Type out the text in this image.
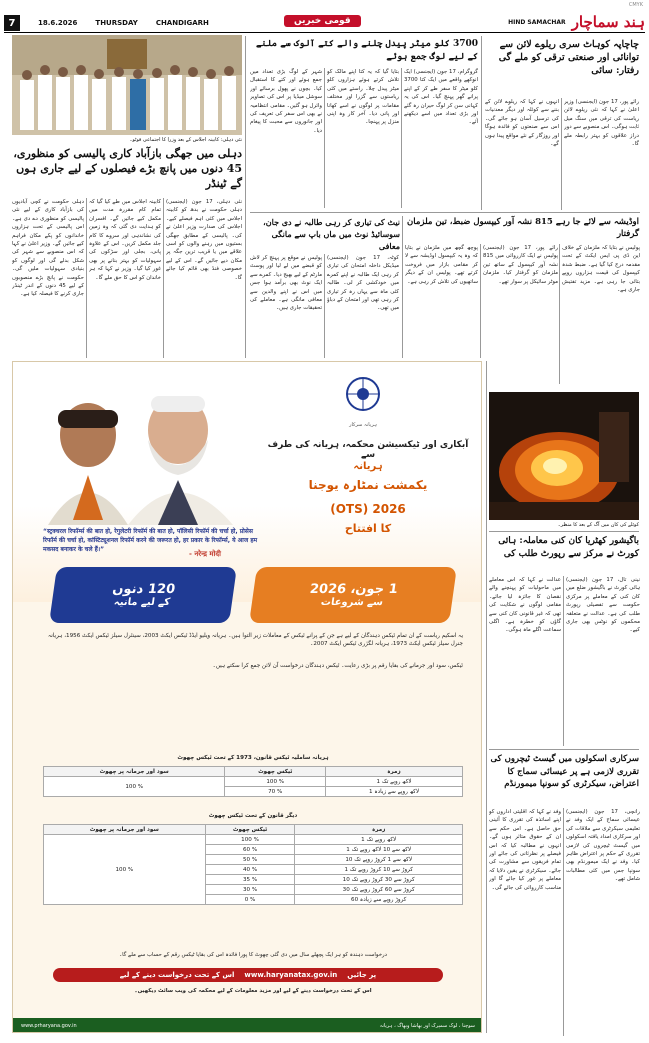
7	18.6.2026	THURSDAY	CHANDIGARH	قومی خبریں	HIND SAMACHAR ہند سماچار
CMYK
نئی دہلی: کابینہ اجلاس کے بعد وزرا کا اجتماعی فوٹو۔
دہلی میں جھگی بازآباد کاری پالیسی کو منظوری، 45 دنوں میں پانچ بڑے فیصلوں کے لیے جاری ہوں گے ٹینڈر
دہلی حکومت نے کچی آبادیوں کی بازآباد کاری کے لیے نئی پالیسی کو منظوری دے دی ہے۔ اس پالیسی کے تحت ہزاروں خاندانوں کو پکے مکان فراہم کیے جائیں گے۔ وزیر اعلیٰ نے کہا کہ اس منصوبے سے شہر کی شکل بدلے گی اور لوگوں کو بنیادی سہولیات ملیں گی۔ حکومت نے پانچ بڑے منصوبوں کے لیے 45 دنوں کے اندر ٹینڈر جاری کرنے کا فیصلہ کیا ہے۔
کابینہ اجلاس میں طے کیا گیا کہ تمام کام مقررہ مدت میں مکمل کیے جائیں گے۔ افسران کو ہدایت دی گئی کہ وہ زمین کی نشاندہی اور سروے کا کام جلد مکمل کریں۔ اس کے علاوہ پانی، بجلی اور سڑکوں کی سہولیات کو بہتر بنانے پر بھی غور کیا گیا۔ وزیر نے کہا کہ ہر خاندان کو اس کا حق ملے گا۔
نئی دہلی، 17 جون (ایجنسی) دہلی حکومت نے بدھ کو کابینہ اجلاس میں کئی اہم فیصلے کیے۔ اجلاس کی صدارت وزیر اعلیٰ نے کی۔ پالیسی کے مطابق جھگی بستیوں میں رہنے والوں کو اسی علاقے میں یا قریب ترین جگہ پر مکان دیے جائیں گے۔ اس کے لیے خصوصی فنڈ بھی قائم کیا جائے گا۔
3700 کلو میٹر پیدل چلنے والے کتے آلوک سے ملنے کے لیے لوگ جمع ہوئے
شہر کے لوگ بڑی تعداد میں جمع ہوئے اور کتے کا استقبال کیا۔ بچوں نے پھول برسائے اور سوشل میڈیا پر اس کی تصاویر وائرل ہو گئیں۔ مقامی انتظامیہ نے بھی اس سفر کی تعریف کی اور جانوروں سے محبت کا پیغام دیا۔
بتایا گیا کہ یہ کتا اپنے مالک کو تلاش کرتے ہوئے ہزاروں کلو میٹر پیدل چلا۔ راستے میں کئی ریاستوں سے گزرا اور مختلف مقامات پر لوگوں نے اسے کھانا اور پانی دیا۔ آخر کار وہ اپنی منزل پر پہنچا۔
گروگرام، 17 جون (ایجنسی) ایک انوکھے واقعے میں ایک کتا 3700 کلو میٹر کا سفر طے کر کے اپنے پرانے گھر پہنچ گیا۔ اس کی یہ کہانی سن کر لوگ حیران رہ گئے اور بڑی تعداد میں اسے دیکھنے آئے۔
نیٹ کی تیاری کر رہی طالبہ نے دی جان، سوسائیڈ نوٹ میں ماں باپ سے مانگی معافی
پولیس نے موقع پر پہنچ کر لاش کو قبضے میں لے لیا اور پوسٹ مارٹم کے لیے بھیج دیا۔ کمرے سے ایک نوٹ بھی برآمد ہوا جس میں اس نے اپنے والدین سے معافی مانگی ہے۔ معاملے کی تحقیقات جاری ہیں۔
کوٹہ، 17 جون (ایجنسی) میڈیکل داخلہ امتحان کی تیاری کر رہی ایک طالبہ نے اپنے کمرے میں خودکشی کر لی۔ طالبہ کئی ماہ سے یہاں رہ کر تیاری کر رہی تھی اور امتحان کے دباؤ میں تھی۔
اوڈیشہ سے لائے جا رہے 815 نشہ آور کیپسول ضبط، تین ملزمان گرفتار
پوچھ گچھ میں ملزمان نے بتایا کہ وہ یہ کیپسول اوڈیشہ سے لا کر مقامی بازار میں فروخت کرتے تھے۔ پولیس ان کے دیگر ساتھیوں کی تلاش کر رہی ہے۔
رائے پور، 17 جون (ایجنسی) پولیس نے ایک کارروائی میں 815 نشہ آور کیپسول کے ساتھ تین ملزمان کو گرفتار کیا۔ ملزمان موٹر سائیکل پر سوار تھے۔
چاچاپہ کوہاٹ سری ریلوے لائن سے توانائی اور صنعتی ترقی کو ملے گی رفتار: سائی
انہوں نے کہا کہ ریلوے لائن کے بننے سے کوئلہ اور دیگر معدنیات کی ترسیل آسان ہو جائے گی۔ اس سے صنعتوں کو فائدہ ہوگا اور روزگار کے نئے مواقع پیدا ہوں گے۔
رائے پور، 17 جون (ایجنسی) وزیر اعلیٰ نے کہا کہ نئی ریلوے لائن ریاست کی ترقی میں سنگ میل ثابت ہوگی۔ اس منصوبے سے دور دراز علاقوں کو بہتر رابطہ ملے گا۔
پولیس نے بتایا کہ ملزمان کے خلاف این ڈی پی ایس ایکٹ کے تحت مقدمہ درج کیا گیا ہے۔ ضبط شدہ کیپسول کی قیمت ہزاروں روپے بتائی جا رہی ہے۔ مزید تفتیش جاری ہے۔
کوئلے کی کان میں آگ کے بعد کا منظر۔
باگیشور کھٹریا کان کنی معاملہ: ہائی کورٹ نے مرکز سے رپورٹ طلب کی
عدالت نے کہا کہ اس معاملے میں ماحولیات کو پہنچنے والے نقصان کا جائزہ لیا جائے۔ مقامی لوگوں نے شکایت کی تھی کہ غیر قانونی کان کنی سے گاؤں کو خطرہ ہے۔ اگلی سماعت اگلے ماہ ہوگی۔
نینی تال، 17 جون (ایجنسی) ہائی کورٹ نے باگیشور ضلع میں کان کنی کے معاملے پر مرکزی حکومت سے تفصیلی رپورٹ طلب کی ہے۔ عدالت نے متعلقہ محکموں کو نوٹس بھی جاری کیے۔
سرکاری اسکولوں میں گیسٹ ٹیچروں کی تقرری لازمی ہے پر عیسائی سماج کا اعتراض، سیکرٹری کو سونپا میمورنڈم
وفد نے کہا کہ اقلیتی اداروں کو اپنے اساتذہ کی تقرری کا آئینی حق حاصل ہے۔ اس حکم سے ان کے حقوق متاثر ہوں گے۔ انہوں نے مطالبہ کیا کہ اس فیصلے پر نظرثانی کی جائے اور تمام فریقوں سے مشاورت کی جائے۔ سیکرٹری نے یقین دلایا کہ معاملے پر غور کیا جائے گا اور مناسب کارروائی کی جائے گی۔
رانچی، 17 جون (ایجنسی) عیسائی سماج کے ایک وفد نے تعلیمی سیکرٹری سے ملاقات کی اور سرکاری امداد یافتہ اسکولوں میں گیسٹ ٹیچروں کی لازمی تقرری کے حکم پر اعتراض ظاہر کیا۔ وفد نے ایک میمورنڈم بھی سونپا جس میں کئی مطالبات شامل تھے۔
ہریانہ سرکار
آبکاری اور ٹیکسیشن محکمہ، ہریانہ کی طرف سے
ہریانہ
یکمشت نمٹارہ یوجنا
(OTS) 2026
کا افتتاح
“स्ट्रक्चरल रिफॉर्म्स की बात हो, रेगुलेटरी रिफॉर्म की बात हो, पॉलिसी रिफॉर्म की चर्चा हो, प्रोसेस रिफॉर्म की चर्चा हो, कांस्टिट्यूशनल रिफॉर्म करने की जरूरत हो, हर प्रकार के रिफॉर्म्स, ये आज हम मकसद बनाकर के चले हैं।”
- नरेन्द्र मोदी
120 دنوں
کے لیے مانیہ
1 جون، 2026
سے شروعات
یہ اسکیم ریاست کے ان تمام ٹیکس دہندگان کے لیے ہے جن کے پرانے ٹیکس کے معاملات زیر التوا ہیں۔ ہریانہ ویلیو ایڈڈ ٹیکس ایکٹ 2003، سینٹرل سیلز ٹیکس ایکٹ 1956، ہریانہ جنرل سیلز ٹیکس ایکٹ 1973، ہریانہ لگژری ٹیکس ایکٹ 2007۔
ٹیکس، سود اور جرمانے کی بقایا رقم پر بڑی رعایت۔ ٹیکس دہندگان درخواست آن لائن جمع کرا سکتے ہیں۔
ہریانہ ساملیہ ٹیکس قانون، 1973 کے تحت ٹیکس چھوٹ
سود اور جرمانہ پر چھوٹ	ٹیکس چھوٹ	زمرہ
100 %	100 %	1 لاکھ روپے تک
	70 %	1 لاکھ روپے سے زیادہ
دیگر قانون کے تحت ٹیکس چھوٹ
سود اور جرمانہ پر چھوٹ	ٹیکس چھوٹ	زمرہ
100 %	100 %	1 لاکھ روپے تک
	60 %	1 لاکھ سے 10 لاکھ روپے تک
	50 %	10 لاکھ سے 1 کروڑ روپے تک
	40 %	1 کروڑ سے 10 کروڑ روپے تک
	35 %	10 کروڑ سے 30 کروڑ روپے تک
	30 %	30 کروڑ سے 60 کروڑ روپے تک
	0 %	60 کروڑ روپے سے زیادہ
درخواست دہندہ کو ہر ایک پچھلے سال میں دی گئی چھوٹ کا پورا فائدہ اس کی بقایا ٹیکس رقم کے حساب سے ملے گا۔
اس کے تحت درخواست دینے کے لیے www.haryanatax.gov.in پر جائیں
اس کے تحت درخواست دینے کے لیے اور مزید معلومات کے لیے محکمہ کی ویب سائٹ دیکھیں۔
www.prharyana.gov.in	سوچنا ، لوک سمپرک اور بھاشا وبھاگ ، ہریانہ
